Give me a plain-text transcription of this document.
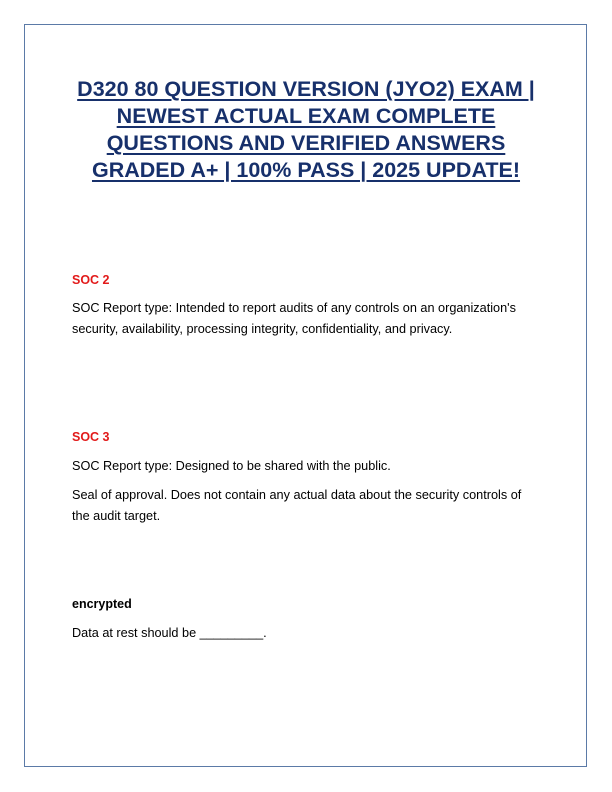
D320 80 QUESTION VERSION (JYO2) EXAM | NEWEST ACTUAL EXAM COMPLETE QUESTIONS AND VERIFIED ANSWERS GRADED A+ | 100% PASS | 2025 UPDATE!
SOC 2
SOC Report type: Intended to report audits of any controls on an organization's security, availability, processing integrity, confidentiality, and privacy.
SOC 3
SOC Report type: Designed to be shared with the public.
Seal of approval. Does not contain any actual data about the security controls of the audit target.
encrypted
Data at rest should be _________.
